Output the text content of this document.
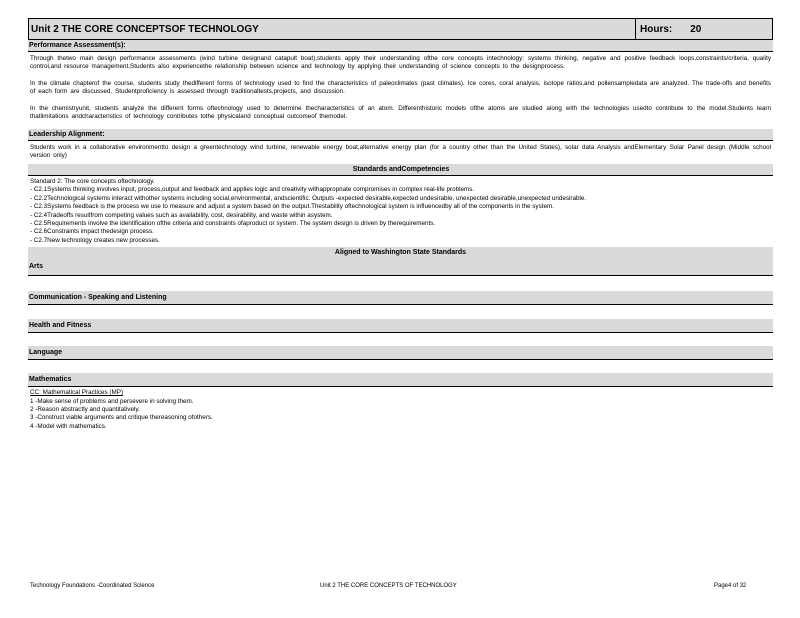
Unit 2 THE CORE CONCEPTSOF TECHNOLOGY	Hours: 20
Performance Assessment(s):
Through thetwo main design performance assessments (wind turbine designand catapult boat),students apply their understanding ofthe core concepts intechnology: systems thinking, negative and positive feedback loops,constraints/criteria, quality control,and resource management.Students also experiencethe relationship between science and technology by applying their understanding of science concepts to the designprocess.
In the climate chapterof the course, students study thedifferent forms of technology used to find the characteristics of paleoclimates (past climates). Ice cores, coral analysis, isotope ratios,and pollensampledata are analyzed. The trade-offs and benefits of each form are discussed. Studentproficiency is assessed through traditionaltests,projects, and discussion.
In the chemistryunit, students analyze the different forms oftechnology used to determine thecharacteristics of an atom. Differenthistoric models ofthe atoms are studied along with the technologies usedto contribute to the model.Students learn thatlimitations andcharacteristics of technology contributes tothe physicaland conceptual outcomeof themodel.
Leadership Alignment:
Students work in a collaborative environmentto design a greentechnology wind turbine, renewable energy boat,alternative energy plan (for a country other than the United States), solar data Analysis andElementary Solar Panel design (Middle school version only)
Standards andCompetencies
Standard 2: The core concepts oftechnology.
- C2.1Systems thinking involves input, process,output and feedback and applies logic and creativity withappropriate compromises in complex real-life problems.
- C2.2Technological systems interact withother systems including social,environmental, andscientific. Outputs -expected desirable,expected undesirable, unexpected desirable,unexpected undesirable.
- C2.3Systems feedback is the process we use to measure and adjust a system based on the output.Thestability oftechnological system is influencedby all of the components in the system.
- C2.4Tradeoffs resultfrom competing values such as availability, cost, desirability, and waste within asystem.
- C2.5Requirements involve the identification ofthe criteria and constraints ofaproduct or system. The system design is driven by therequirements.
- C2.6Constraints impact thedesign process.
- C2.7New technology creates new processes.
Aligned to Washington State Standards
Arts
Communication - Speaking and Listening
Health and Fitness
Language
Mathematics
CC: Mathematical Practices (MP)
1 -Make sense of problems and persevere in solving them.
2 -Reason abstractly and quantitatively.
3 -Construct viable arguments and critique thereasoning ofothers.
4 -Model with mathematics.
Technology Foundations -Coordinated Science	Unit 2 THE CORE CONCEPTS OF TECHNOLOGY	Page4 of 32
